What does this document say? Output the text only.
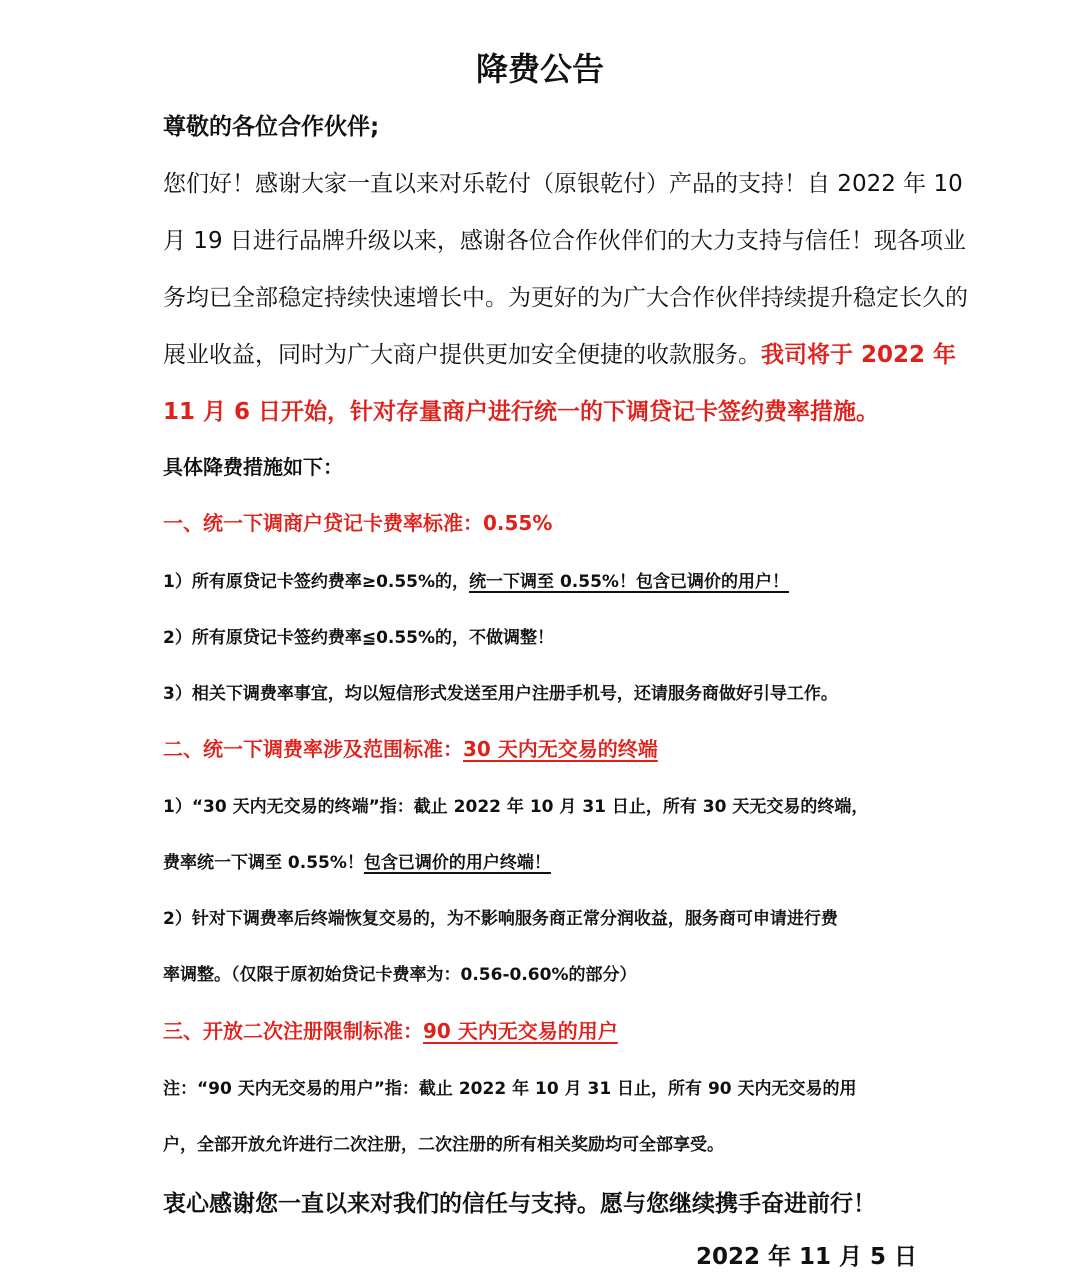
降费公告

尊敬的各位合作伙伴;

您们好！感谢大家一直以来对乐乾付（原银乾付）产品的支持！自 2022 年 10

月 19 日进行品牌升级以来，感谢各位合作伙伴们的大力支持与信任！现各项业

务均已全部稳定持续快速增长中。为更好的为广大合作伙伴持续提升稳定长久的

展业收益，同时为广大商户提供更加安全便捷的收款服务。我司将于 2022 年

11 月 6 日开始，针对存量商户进行统一的下调贷记卡签约费率措施。

具体降费措施如下：

一、统一下调商户贷记卡费率标准：0.55%

1）所有原贷记卡签约费率≥0.55%的，统一下调至 0.55%！包含已调价的用户！

2）所有原贷记卡签约费率≦0.55%的，不做调整！

3）相关下调费率事宜，均以短信形式发送至用户注册手机号，还请服务商做好引导工作。

二、统一下调费率涉及范围标准：30 天内无交易的终端

1）“30 天内无交易的终端”指：截止 2022 年 10 月 31 日止，所有 30 天无交易的终端，

费率统一下调至 0.55%！包含已调价的用户终端！

2）针对下调费率后终端恢复交易的，为不影响服务商正常分润收益，服务商可申请进行费

率调整。（仅限于原初始贷记卡费率为：0.56-0.60%的部分）

三、开放二次注册限制标准：90 天内无交易的用户

注：“90 天内无交易的用户”指：截止 2022 年 10 月 31 日止，所有 90 天内无交易的用

户，全部开放允许进行二次注册，二次注册的所有相关奖励均可全部享受。

衷心感谢您一直以来对我们的信任与支持。愿与您继续携手奋进前行！

2022 年 11 月 5 日
